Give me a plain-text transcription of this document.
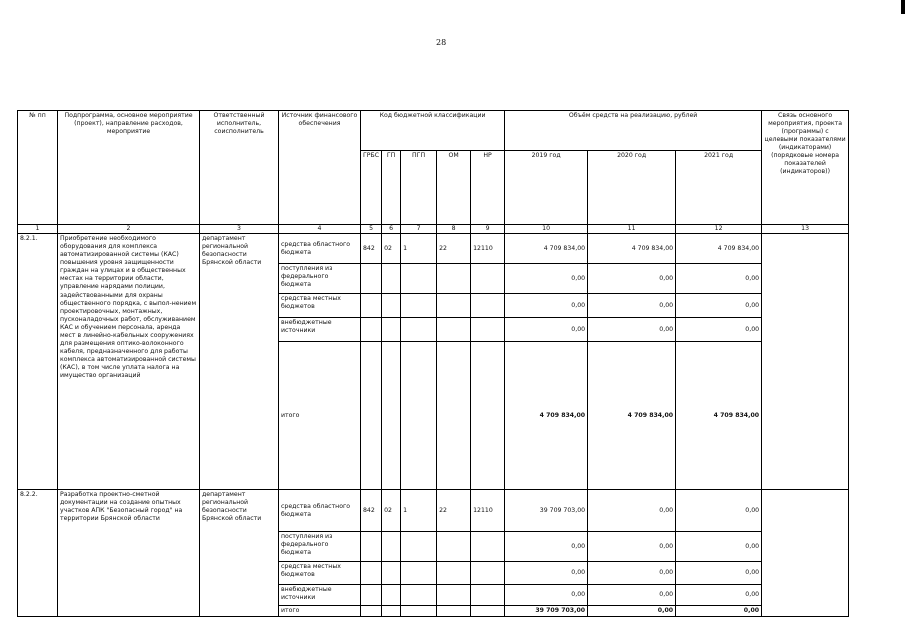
28
№ пп	Подпрограмма, основное мероприятие (проект), направление расходов, мероприятие	Ответственный исполнитель, соисполнитель	Источник финансового обеспечения	Код бюджетной классификации					Объём средств на реализацию, рублей			Связь основного мероприятия, проекта (программы) с целевыми показателями (индикаторами) (порядковые номера показателей (индикаторов))
				ГРБС	ГП	ПГП	ОМ	НР	2019 год	2020 год	2021 год	
1	2	3	4	5	6	7	8	9	10	11	12	13
8.2.1.	Приобретение необходимого оборудования для комплекса автоматизированной системы (КАС) повышения уровня защищенности граждан на улицах и в общественных местах на территории области, управление нарядами полиции, задействованными для охраны общественного порядка, с выпол-нением проектировочных, монтажных, пусконаладочных работ, обслуживанием КАС и обучением персонала, аренда мест в линейно-кабельных сооружениях для размещения оптико-волоконного кабеля, предназначенного для работы комплекса автоматизированной системы (КАС), в том числе уплата налога на имущество организаций	департамент региональной безопасности Брянской области	средства областного бюджета	842	02	1	22	12110	4 709 834,00	4 709 834,00	4 709 834,00	
			поступления из федерального бюджета						0,00	0,00	0,00	
			средства местных бюджетов						0,00	0,00	0,00	
			внебюджетные источники						0,00	0,00	0,00	
			итого						4 709 834,00	4 709 834,00	4 709 834,00	
8.2.2.	Разработка проектно-сметной документации на создание опытных участков АПК "Безопасный город" на территории Брянской области	департамент региональной безопасности Брянской области	средства областного бюджета	842	02	1	22	12110	39 709 703,00	0,00	0,00	
			поступления из федерального бюджета						0,00	0,00	0,00	
			средства местных бюджетов						0,00	0,00	0,00	
			внебюджетные источники						0,00	0,00	0,00	
			итого						39 709 703,00	0,00	0,00	
